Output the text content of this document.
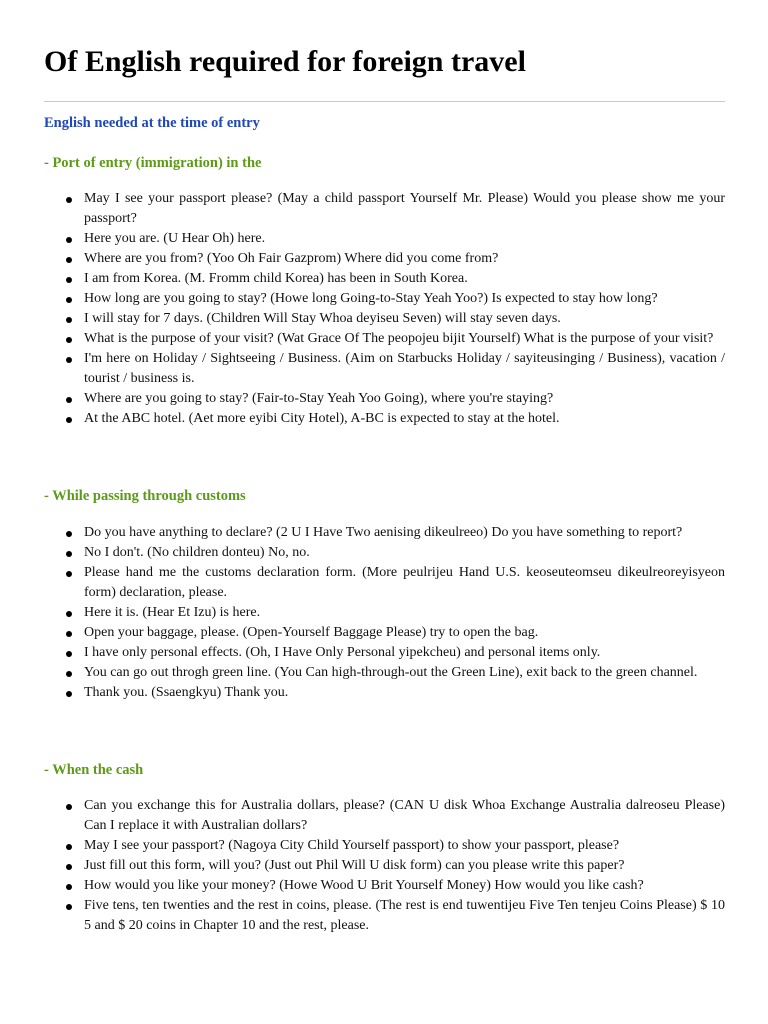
Of English required for foreign travel
English needed at the time of entry
- Port of entry (immigration) in the
May I see your passport please? (May a child passport Yourself Mr. Please) Would you please show me your passport?
Here you are. (U Hear Oh) here.
Where are you from? (Yoo Oh Fair Gazprom) Where did you come from?
I am from Korea. (M. Fromm child Korea) has been in South Korea.
How long are you going to stay? (Howe long Going-to-Stay Yeah Yoo?) Is expected to stay how long?
I will stay for 7 days. (Children Will Stay Whoa deyiseu Seven) will stay seven days.
What is the purpose of your visit? (Wat Grace Of The peopojeu bijit Yourself) What is the purpose of your visit?
I'm here on Holiday / Sightseeing / Business. (Aim on Starbucks Holiday / sayiteusinging / Business), vacation / tourist / business is.
Where are you going to stay? (Fair-to-Stay Yeah Yoo Going), where you're staying?
At the ABC hotel. (Aet more eyibi City Hotel), A-BC is expected to stay at the hotel.
- While passing through customs
Do you have anything to declare? (2 U I Have Two aenising dikeulreeo) Do you have something to report?
No I don't. (No children donteu) No, no.
Please hand me the customs declaration form. (More peulrijeu Hand U.S. keoseuteomseu dikeulreoreyisyeon form) declaration, please.
Here it is. (Hear Et Izu) is here.
Open your baggage, please. (Open-Yourself Baggage Please) try to open the bag.
I have only personal effects. (Oh, I Have Only Personal yipekcheu) and personal items only.
You can go out throgh green line. (You Can high-through-out the Green Line), exit back to the green channel.
Thank you. (Ssaengkyu) Thank you.
- When the cash
Can you exchange this for Australia dollars, please? (CAN U disk Whoa Exchange Australia dalreoseu Please) Can I replace it with Australian dollars?
May I see your passport? (Nagoya City Child Yourself passport) to show your passport, please?
Just fill out this form, will you? (Just out Phil Will U disk form) can you please write this paper?
How would you like your money? (Howe Wood U Brit Yourself Money) How would you like cash?
Five tens, ten twenties and the rest in coins, please. (The rest is end tuwentijeu Five Ten tenjeu Coins Please) $ 10 5 and $ 20 coins in Chapter 10 and the rest, please.
